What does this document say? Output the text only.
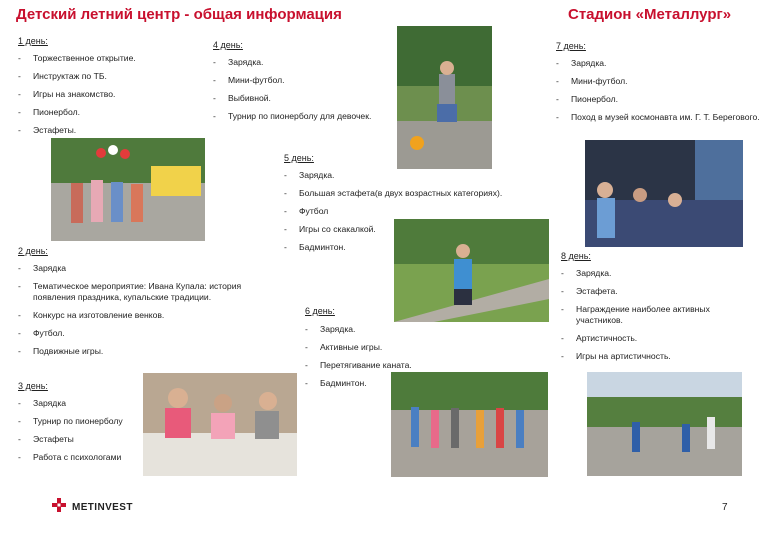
Детский летний центр - общая информация	Стадион «Металлург»
1 день:
- Торжественное открытие.
- Инструктаж по ТБ.
- Игры на знакомство.
- Пионербол.
- Эстафеты.
4 день:
- Зарядка.
- Мини-футбол.
- Выбивной.
- Турнир по пионерболу для девочек.
7 день:
- Зарядка.
- Мини-футбол.
- Пионербол.
- Поход в музей космонавта им. Г. Т. Берегового.
5 день:
- Зарядка.
- Большая эстафета(в двух возрастных категориях).
- Футбол
- Игры со скакалкой.
- Бадминтон.
2 день:
- Зарядка
- Тематическое мероприятие: Ивана Купала: история появления праздника, купальские традиции.
- Конкурс на изготовление венков.
- Футбол.
- Подвижные игры.
8 день:
- Зарядка.
- Эстафета.
- Награждение наиболее активных участников.
- Артистичность.
- Игры на артистичность.
6 день:
- Зарядка.
- Активные игры.
- Перетягивание каната.
- Бадминтон.
3 день:
- Зарядка
- Турнир по пионерболу
- Эстафеты
- Работа с психологами
METINVEST	7
